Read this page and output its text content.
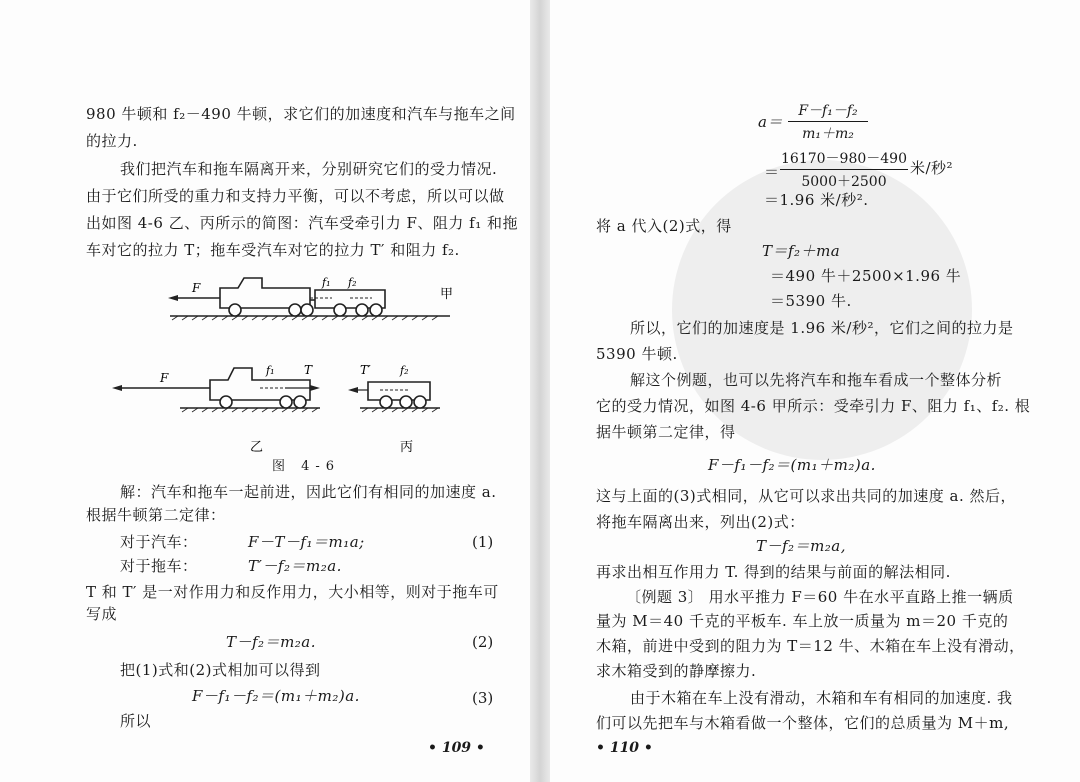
980 牛顿和 f₂－490 牛顿，求它们的加速度和汽车与拖车之间
的拉力.
我们把汽车和拖车隔离开来，分别研究它们的受力情况.
由于它们所受的重力和支持力平衡，可以不考虑，所以可以做
出如图 4-6 乙、丙所示的简图：汽车受牵引力 F、阻力 f₁ 和拖
车对它的拉力 T；拖车受汽车对它的拉力 T′ 和阻力 f₂.
F	f₁ f₂
甲
F
f₁ T	T′	f₂
乙	丙
图 4-6
解：汽车和拖车一起前进，因此它们有相同的加速度 a.
根据牛顿第二定律：
对于汽车：	F－T－f₁＝m₁a;	(1)
对于拖车：	T′－f₂＝m₂a.
T 和 T′ 是一对作用力和反作用力，大小相等，则对于拖车可
写成
T－f₂＝m₂a.	(2)
把(1)式和(2)式相加可以得到
F－f₁－f₂＝(m₁＋m₂)a.	(3)
所以
• 109 •
a＝
F－f₁－f₂
m₁＋m₂
＝
16170－980－490
5000＋2500
米/秒²
＝1.96 米/秒².
将 a 代入(2)式，得
T＝f₂＋ma
＝490 牛＋2500×1.96 牛
＝5390 牛.
所以，它们的加速度是 1.96 米/秒²，它们之间的拉力是
5390 牛顿.
解这个例题，也可以先将汽车和拖车看成一个整体分析
它的受力情况，如图 4-6 甲所示：受牵引力 F、阻力 f₁、f₂. 根
据牛顿第二定律，得
F－f₁－f₂＝(m₁＋m₂)a.
这与上面的(3)式相同，从它可以求出共同的加速度 a. 然后，
将拖车隔离出来，列出(2)式：
T－f₂＝m₂a,
再求出相互作用力 T. 得到的结果与前面的解法相同.
〔例题 3〕 用水平推力 F＝60 牛在水平直路上推一辆质
量为 M＝40 千克的平板车. 车上放一质量为 m＝20 千克的
木箱，前进中受到的阻力为 T＝12 牛、木箱在车上没有滑动，
求木箱受到的静摩擦力.
由于木箱在车上没有滑动，木箱和车有相同的加速度. 我
们可以先把车与木箱看做一个整体，它们的总质量为 M＋m,
• 110 •
